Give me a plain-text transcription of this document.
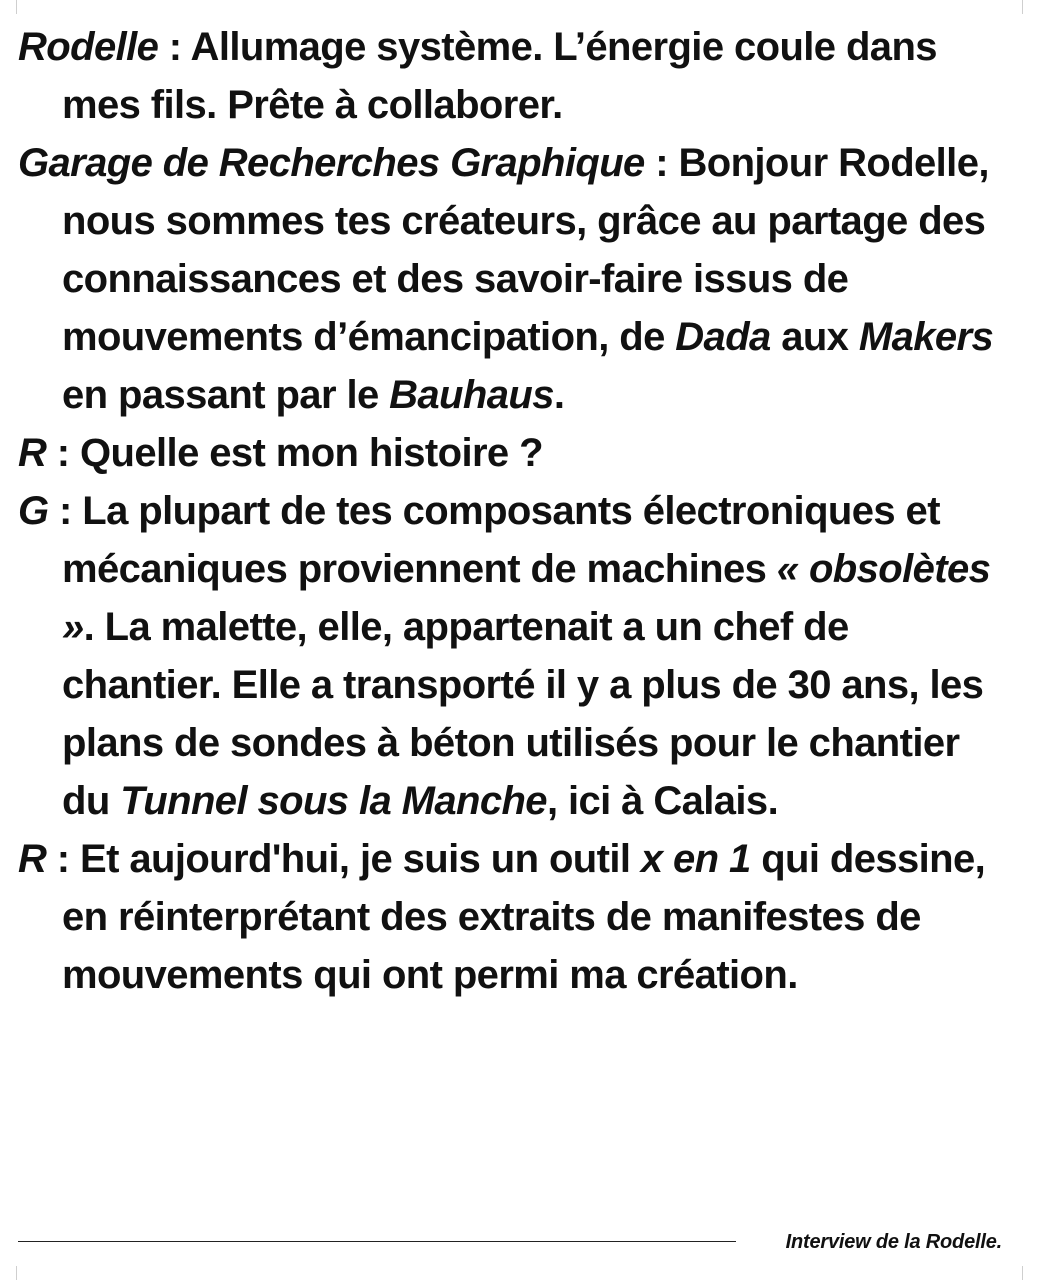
Rodelle : Allumage système. L’énergie coule dans mes fils. Prête à collaborer.

Garage de Recherches Graphique : Bonjour Rodelle, nous sommes tes créateurs, grâce au partage des connaissances et des savoir-faire issus de mouvements d’émancipation, de Dada aux Makers en passant par le Bauhaus.

R : Quelle est mon histoire ?

G : La plupart de tes composants électroniques et mécaniques proviennent de machines « obsolètes ». La malette, elle, appartenait a un chef de chantier. Elle a transporté il y a plus de 30 ans, les plans de sondes à béton utilisés pour le chantier du Tunnel sous la Manche, ici à Calais.

R : Et aujourd'hui, je suis un outil x en 1 qui dessine, en réinterprétant des extraits de manifestes de mouvements qui ont permi ma création.

Interview de la Rodelle.
